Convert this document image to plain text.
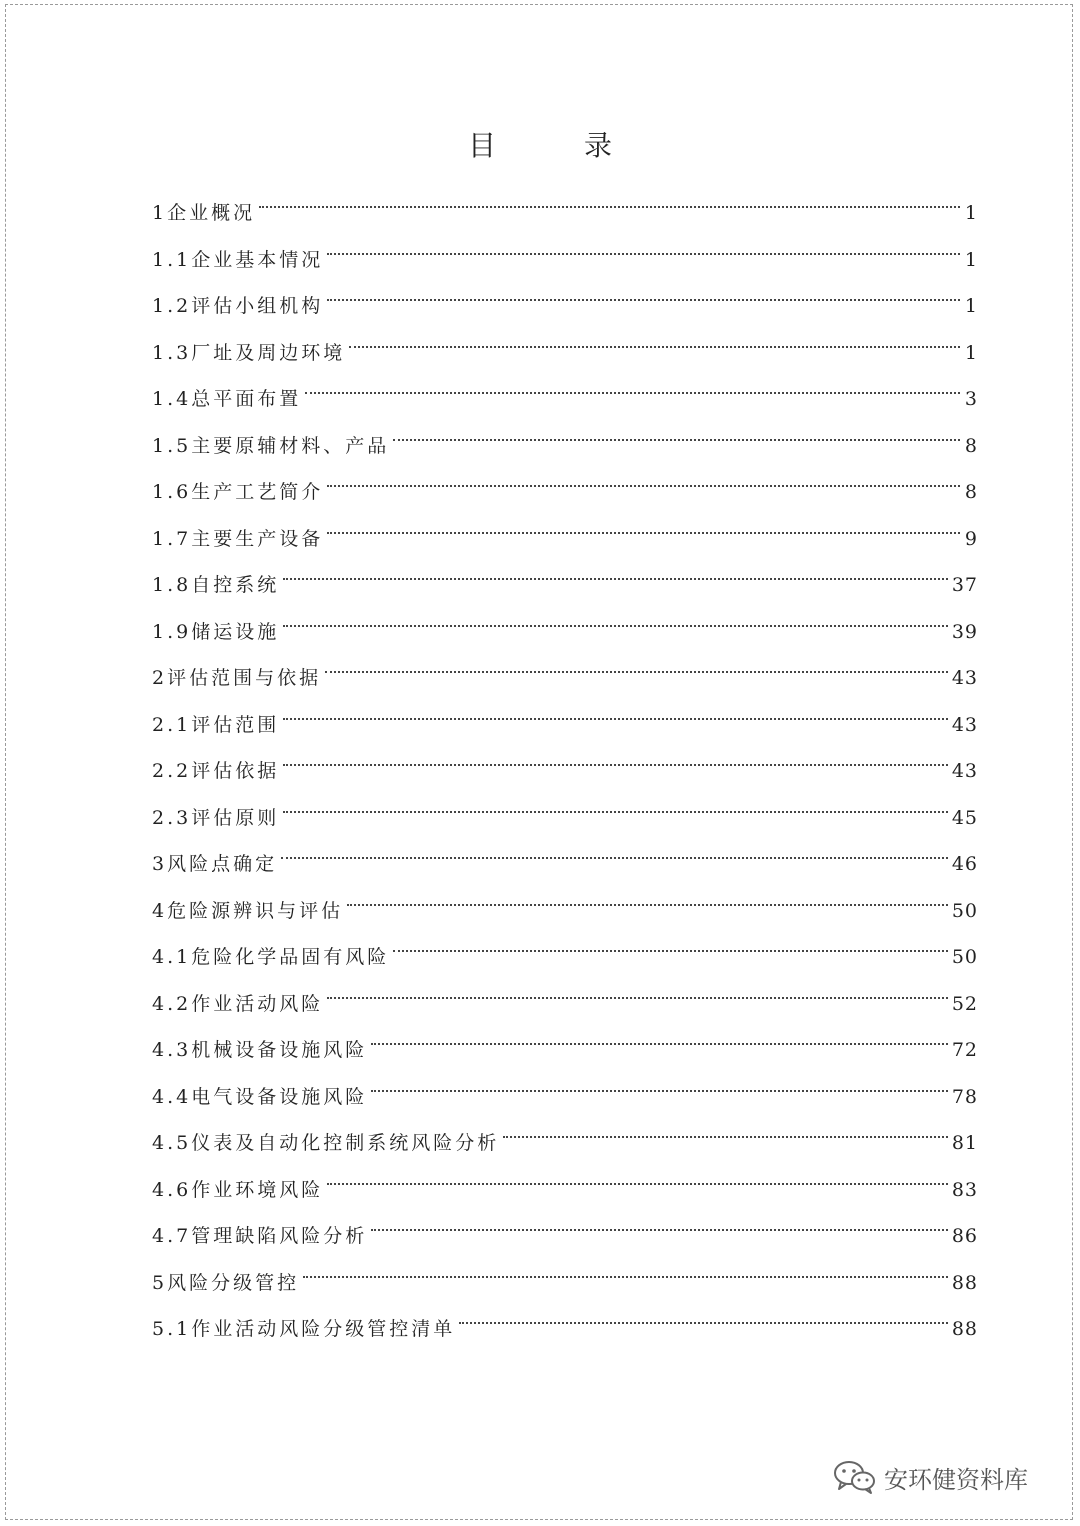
目　录
1企业概况	1
1.1企业基本情况	1
1.2评估小组机构	1
1.3厂址及周边环境	1
1.4总平面布置	3
1.5主要原辅材料、产品	8
1.6生产工艺简介	8
1.7主要生产设备	9
1.8自控系统	37
1.9储运设施	39
2评估范围与依据	43
2.1评估范围	43
2.2评估依据	43
2.3评估原则	45
3风险点确定	46
4危险源辨识与评估	50
4.1危险化学品固有风险	50
4.2作业活动风险	52
4.3机械设备设施风险	72
4.4电气设备设施风险	78
4.5仪表及自动化控制系统风险分析	81
4.6作业环境风险	83
4.7管理缺陷风险分析	86
5风险分级管控	88
5.1作业活动风险分级管控清单	88
安环健资料库
